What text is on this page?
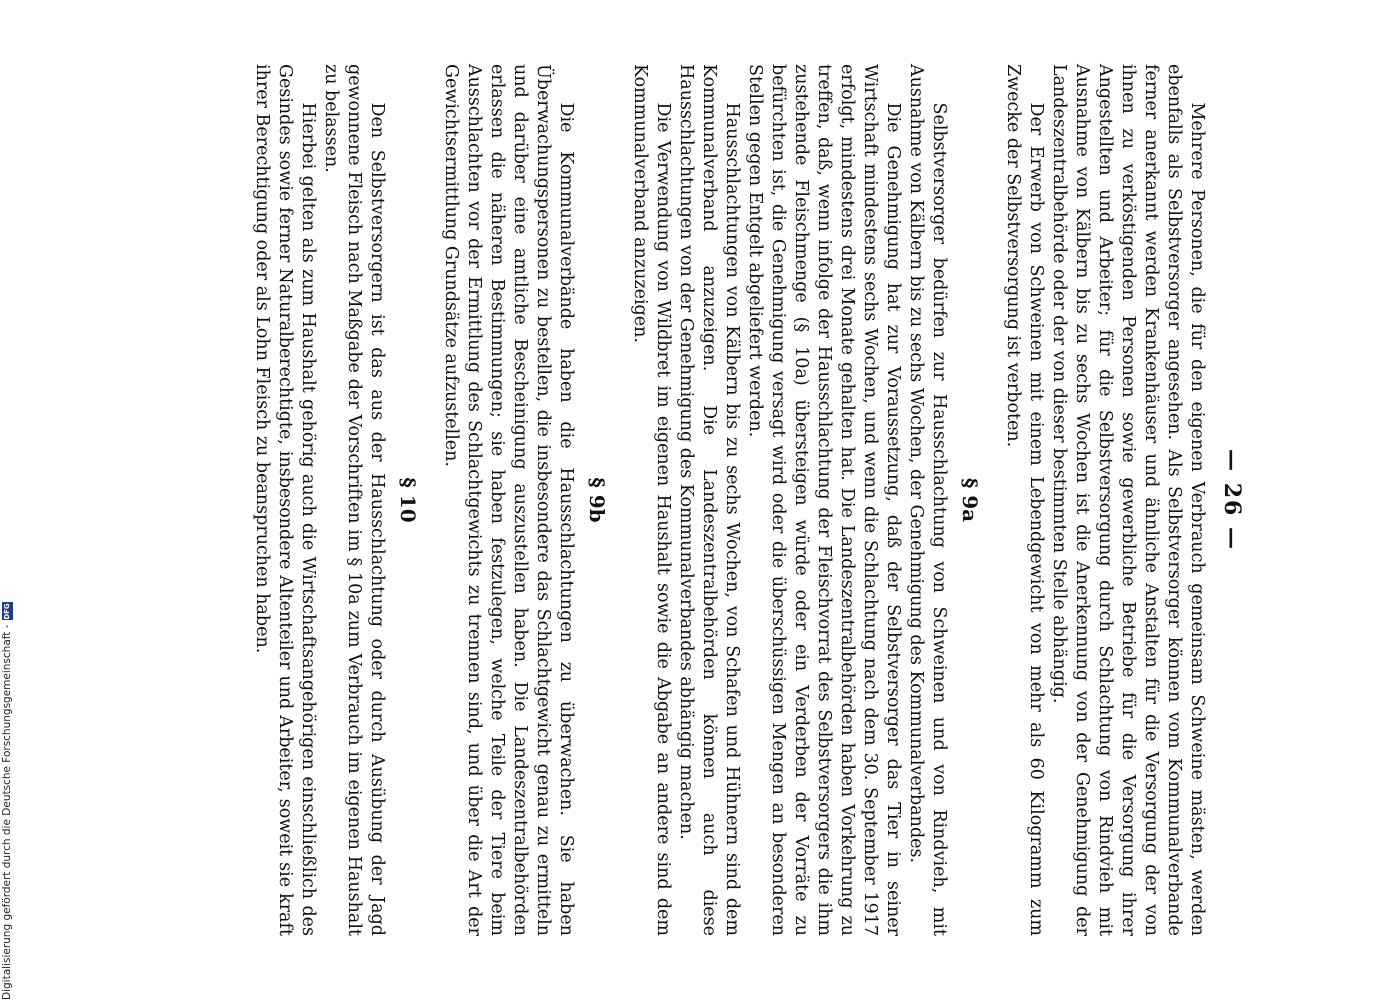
— 26 —

Mehrere Personen, die für den eigenen Verbrauch gemeinsam Schweine mästen, werden ebenfalls als Selbstversorger angesehen. Als Selbstversorger können vom Kommunalverbande ferner anerkannt werden Krankenhäuser und ähnliche Anstalten für die Versorgung der von ihnen zu verköstigenden Personen sowie gewerbliche Betriebe für die Versorgung ihrer Angestellten und Arbeiter; für die Selbstversorgung durch Schlachtung von Rindvieh mit Ausnahme von Kälbern bis zu sechs Wochen ist die Anerkennung von der Genehmigung der Landeszentralbehörde oder der von dieser bestimmten Stelle abhängig.

Der Erwerb von Schweinen mit einem Lebendgewicht von mehr als 60 Kilogramm zum Zwecke der Selbstversorgung ist verboten.

§ 9a

Selbstversorger bedürfen zur Hausschlachtung von Schweinen und von Rindvieh, mit Ausnahme von Kälbern bis zu sechs Wochen, der Genehmigung des Kommunalverbandes.

Die Genehmigung hat zur Voraussetzung, daß der Selbstversorger das Tier in seiner Wirtschaft mindestens sechs Wochen, und wenn die Schlachtung nach dem 30. September 1917 erfolgt, mindestens drei Monate gehalten hat. Die Landeszentralbehörden haben Vorkehrung zu treffen, daß, wenn infolge der Hausschlachtung der Fleischvorrat des Selbstversorgers die ihm zustehende Fleischmenge (§ 10a) übersteigen würde oder ein Verderben der Vorräte zu befürchten ist, die Genehmigung versagt wird oder die überschüssigen Mengen an besonderen Stellen gegen Entgelt abgeliefert werden.

Hausschlachtungen von Kälbern bis zu sechs Wochen, von Schafen und Hühnern sind dem Kommunalverband anzuzeigen. Die Landeszentralbehörden können auch diese Hausschlachtungen von der Genehmigung des Kommunalverbandes abhängig machen.

Die Verwendung von Wildbret im eigenen Haushalt sowie die Abgabe an andere sind dem Kommunalverband anzuzeigen.

§ 9b

Die Kommunalverbände haben die Hausschlachtungen zu überwachen. Sie haben Überwachungspersonen zu bestellen, die insbesondere das Schlachtgewicht genau zu ermitteln und darüber eine amtliche Bescheinigung auszustellen haben. Die Landeszentralbehörden erlassen die näheren Bestimmungen; sie haben festzulegen, welche Teile der Tiere beim Ausschlachten vor der Ermittlung des Schlachtgewichts zu trennen sind, und über die Art der Gewichtsermittlung Grundsätze aufzustellen.

§ 10

Den Selbstversorgern ist das aus der Hausschlachtung oder durch Ausübung der Jagd gewonnene Fleisch nach Maßgabe der Vorschriften im § 10a zum Verbrauch im eigenen Haushalt zu belassen.

Hierbei gelten als zum Haushalt gehörig auch die Wirtschaftsangehörigen einschließlich des Gesindes sowie ferner Naturalberechtigte, insbesondere Altenteiler und Arbeiter, soweit sie kraft ihrer Berechtigung oder als Lohn Fleisch zu beanspruchen haben.

Digitalisierung gefördert durch die Deutsche Forschungsgemeinschaft -
DFG
